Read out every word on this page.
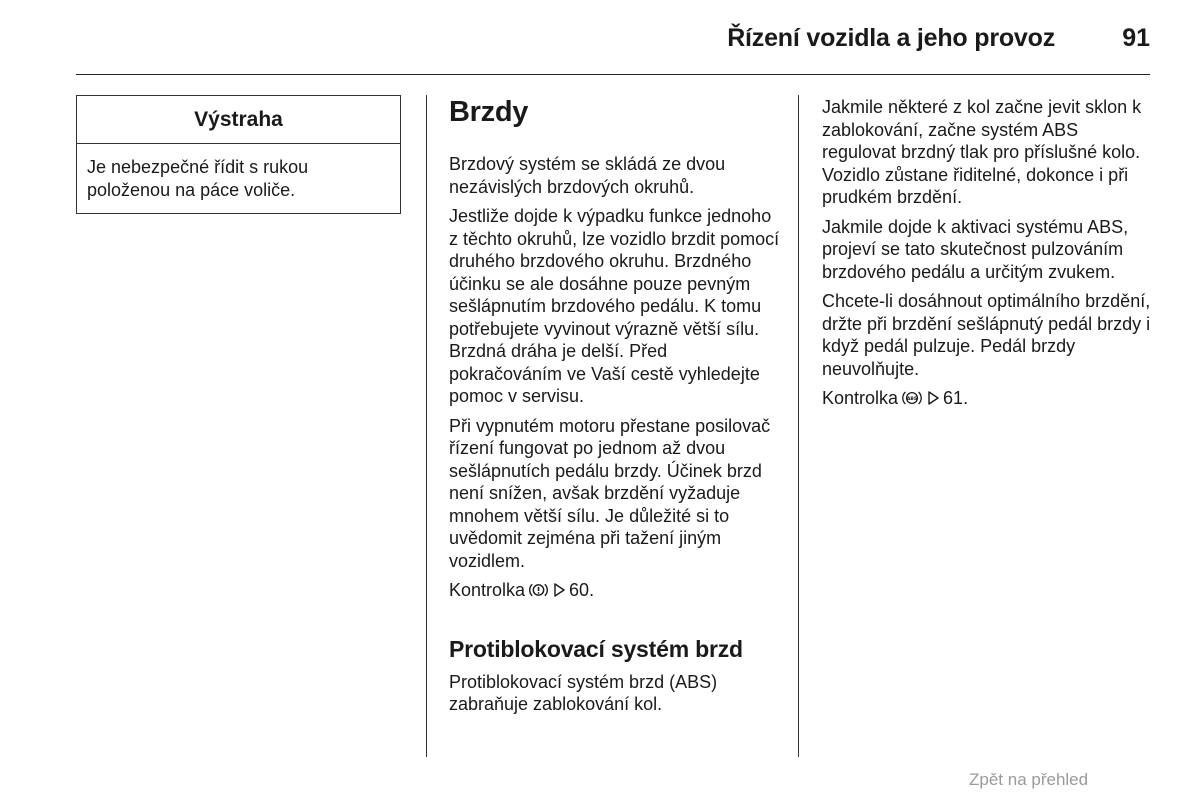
Řízení vozidla a jeho provoz	91
Výstraha
Je nebezpečné řídit s rukou položenou na páce voliče.
Brzdy

Brzdový systém se skládá ze dvou nezávislých brzdových okruhů.

Jestliže dojde k výpadku funkce jednoho z těchto okruhů, lze vozidlo brzdit pomocí druhého brzdového okruhu. Brzdného účinku se ale dosáhne pouze pevným sešlápnutím brzdového pedálu. K tomu potřebujete vyvinout výrazně větší sílu. Brzdná dráha je delší. Před pokračováním ve Vaší cestě vyhledejte pomoc v servisu.

Při vypnutém motoru přestane posilovač řízení fungovat po jednom až dvou sešlápnutích pedálu brzdy. Účinek brzd není snížen, avšak brzdění vyžaduje mnohem větší sílu. Je důležité si to uvědomit zejména při tažení jiným vozidlem.

Kontrolka 60.

Protiblokovací systém brzd

Protiblokovací systém brzd (ABS) zabraňuje zablokování kol.

Jakmile některé z kol začne jevit sklon k zablokování, začne systém ABS regulovat brzdný tlak pro příslušné kolo. Vozidlo zůstane řiditelné, dokonce i při prudkém brzdění.

Jakmile dojde k aktivaci systému ABS, projeví se tato skutečnost pulzováním brzdového pedálu a určitým zvukem.

Chcete-li dosáhnout optimálního brzdění, držte při brzdění sešlápnutý pedál brzdy i když pedál pulzuje. Pedál brzdy neuvolňujte.

Kontrolka ABS 61.

Zpět na přehled
